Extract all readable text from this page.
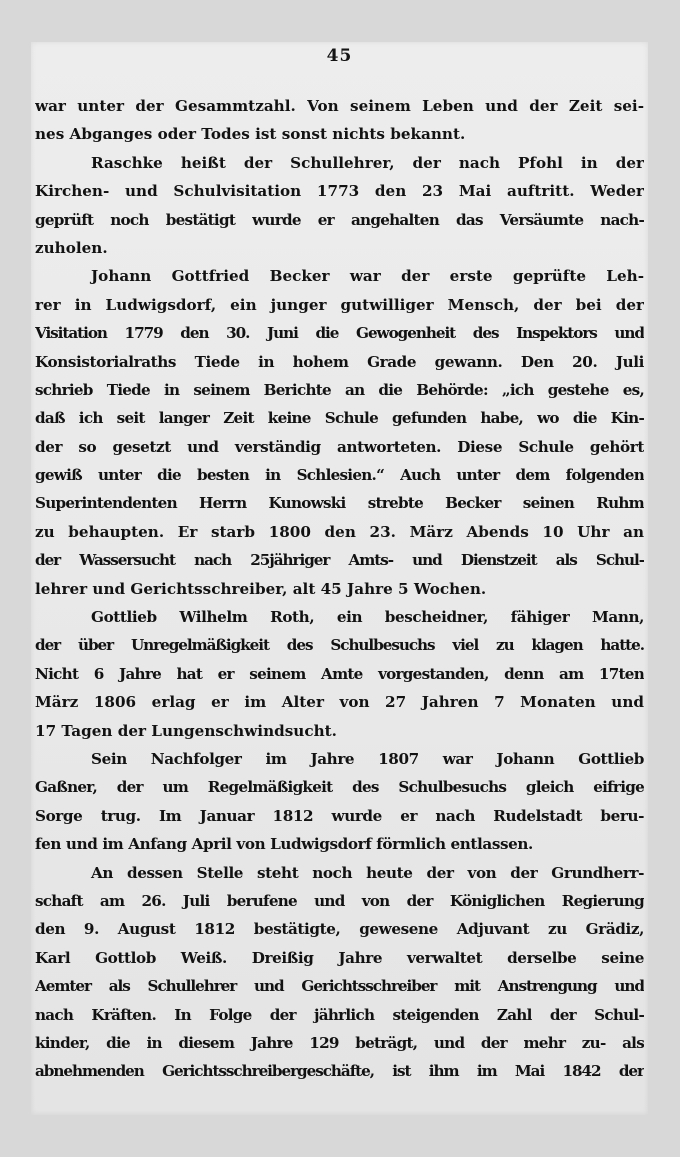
45
war unter der Gesammtzahl. Von seinem Leben und der Zeit sei-
nes Abganges oder Todes ist sonst nichts bekannt.
Raschke heißt der Schullehrer, der nach Pfohl in der
Kirchen- und Schulvisitation 1773 den 23 Mai auftritt. Weder
geprüft noch bestätigt wurde er angehalten das Versäumte nach-
zuholen.
Johann Gottfried Becker war der erste geprüfte Leh-
rer in Ludwigsdorf, ein junger gutwilliger Mensch, der bei der
Visitation 1779 den 30. Juni die Gewogenheit des Inspektors und
Konsistorialraths Tiede in hohem Grade gewann. Den 20. Juli
schrieb Tiede in seinem Berichte an die Behörde: „ich gestehe es,
daß ich seit langer Zeit keine Schule gefunden habe, wo die Kin-
der so gesetzt und verständig antworteten. Diese Schule gehört
gewiß unter die besten in Schlesien.“ Auch unter dem folgenden
Superintendenten Herrn Kunowski strebte Becker seinen Ruhm
zu behaupten. Er starb 1800 den 23. März Abends 10 Uhr an
der Wassersucht nach 25jähriger Amts- und Dienstzeit als Schul-
lehrer und Gerichtsschreiber, alt 45 Jahre 5 Wochen.
Gottlieb Wilhelm Roth, ein bescheidner, fähiger Mann,
der über Unregelmäßigkeit des Schulbesuchs viel zu klagen hatte.
Nicht 6 Jahre hat er seinem Amte vorgestanden, denn am 17ten
März 1806 erlag er im Alter von 27 Jahren 7 Monaten und
17 Tagen der Lungenschwindsucht.
Sein Nachfolger im Jahre 1807 war Johann Gottlieb
Gaßner, der um Regelmäßigkeit des Schulbesuchs gleich eifrige
Sorge trug. Im Januar 1812 wurde er nach Rudelstadt beru-
fen und im Anfang April von Ludwigsdorf förmlich entlassen.
An dessen Stelle steht noch heute der von der Grundherr-
schaft am 26. Juli berufene und von der Königlichen Regierung
den 9. August 1812 bestätigte, gewesene Adjuvant zu Grädiz,
Karl Gottlob Weiß. Dreißig Jahre verwaltet derselbe seine
Aemter als Schullehrer und Gerichtsschreiber mit Anstrengung und
nach Kräften. In Folge der jährlich steigenden Zahl der Schul-
kinder, die in diesem Jahre 129 beträgt, und der mehr zu- als
abnehmenden Gerichtsschreibergeschäfte, ist ihm im Mai 1842 der
